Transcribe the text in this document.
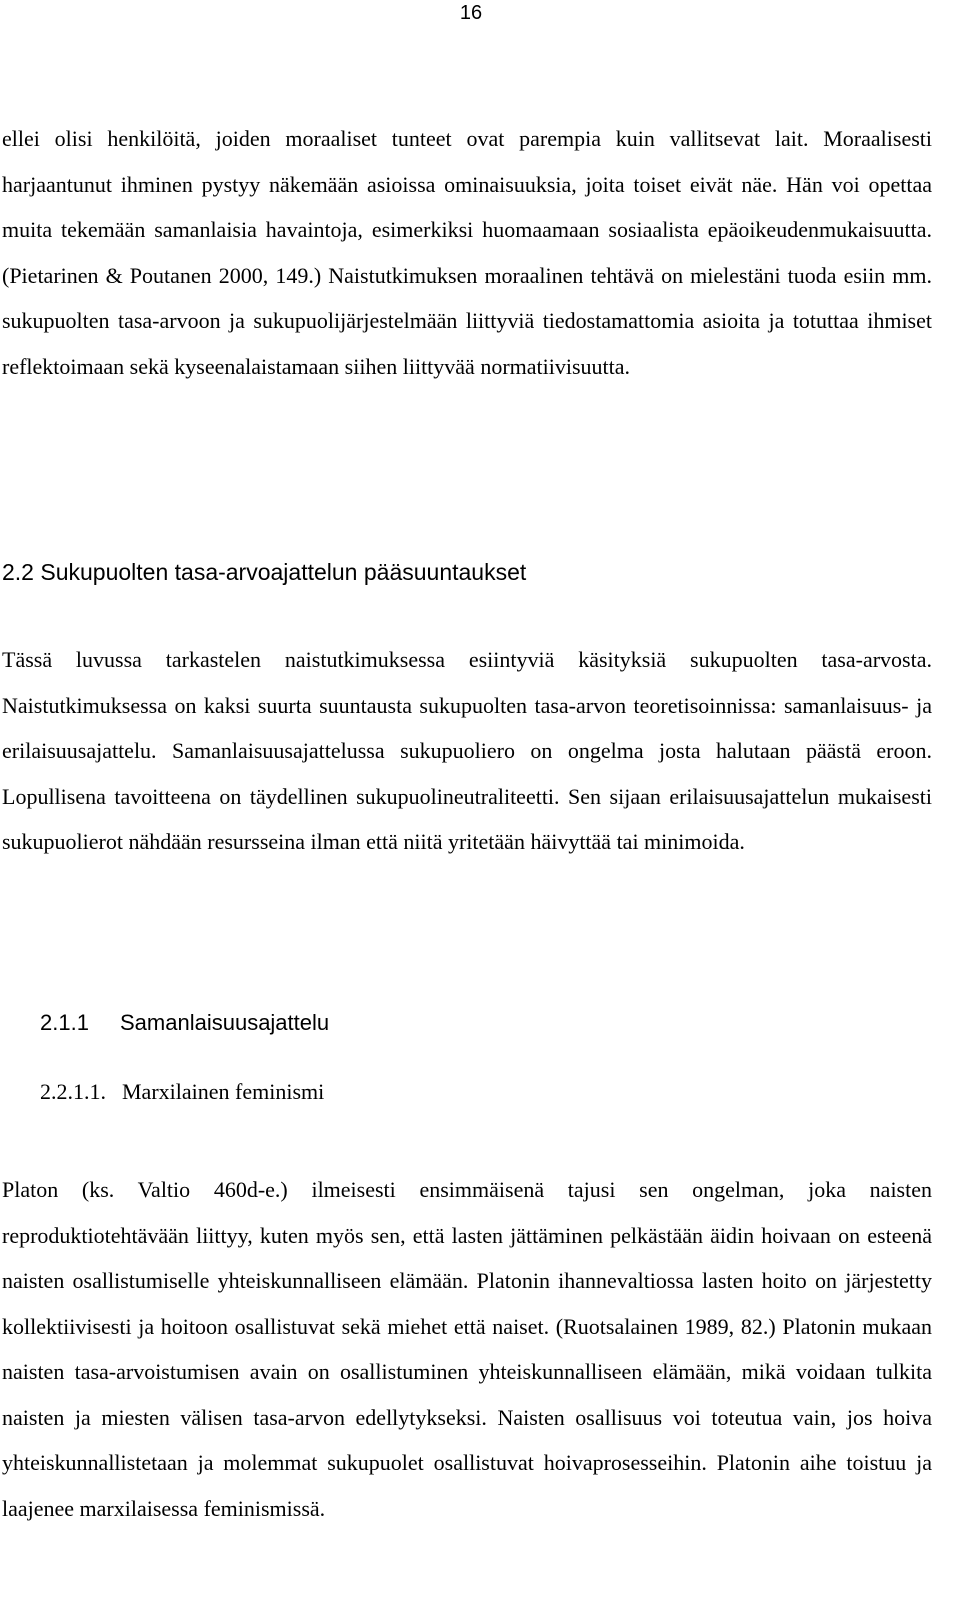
16

ellei olisi henkilöitä, joiden moraaliset tunteet ovat parempia kuin vallitsevat lait. Moraalisesti harjaantunut ihminen pystyy näkemään asioissa ominaisuuksia, joita toiset eivät näe. Hän voi opettaa muita tekemään samanlaisia havaintoja, esimerkiksi huomaamaan sosiaalista epäoikeudenmukaisuutta. (Pietarinen & Poutanen 2000, 149.) Naistutkimuksen moraalinen tehtävä on mielestäni tuoda esiin mm. sukupuolten tasa-arvoon ja sukupuolijärjestelmään liittyviä tiedostamattomia asioita ja totuttaa ihmiset reflektoimaan sekä kyseenalaistamaan siihen liittyvää normatiivisuutta.

2.2 Sukupuolten tasa-arvoajattelun pääsuuntaukset

Tässä luvussa tarkastelen naistutkimuksessa esiintyviä käsityksiä sukupuolten tasa-arvosta. Naistutkimuksessa on kaksi suurta suuntausta sukupuolten tasa-arvon teoretisoinnissa: samanlaisuus- ja erilaisuusajattelu. Samanlaisuusajattelussa sukupuoliero on ongelma josta halutaan päästä eroon. Lopullisena tavoitteena on täydellinen sukupuolineutraliteetti. Sen sijaan erilaisuusajattelun mukaisesti sukupuolierot nähdään resursseina ilman että niitä yritetään häivyttää tai minimoida.

2.1.1 Samanlaisuusajattelu
2.2.1.1. Marxilainen feminismi

Platon (ks. Valtio 460d-e.) ilmeisesti ensimmäisenä tajusi sen ongelman, joka naisten reproduktiotehtävään liittyy, kuten myös sen, että lasten jättäminen pelkästään äidin hoivaan on esteenä naisten osallistumiselle yhteiskunnalliseen elämään. Platonin ihannevaltiossa lasten hoito on järjestetty kollektiivisesti ja hoitoon osallistuvat sekä miehet että naiset. (Ruotsalainen 1989, 82.) Platonin mukaan naisten tasa-arvoistumisen avain on osallistuminen yhteiskunnalliseen elämään, mikä voidaan tulkita naisten ja miesten välisen tasa-arvon edellytykseksi. Naisten osallisuus voi toteutua vain, jos hoiva yhteiskunnallistetaan ja molemmat sukupuolet osallistuvat hoivaprosesseihin. Platonin aihe toistuu ja laajenee marxilaisessa feminismissä.
